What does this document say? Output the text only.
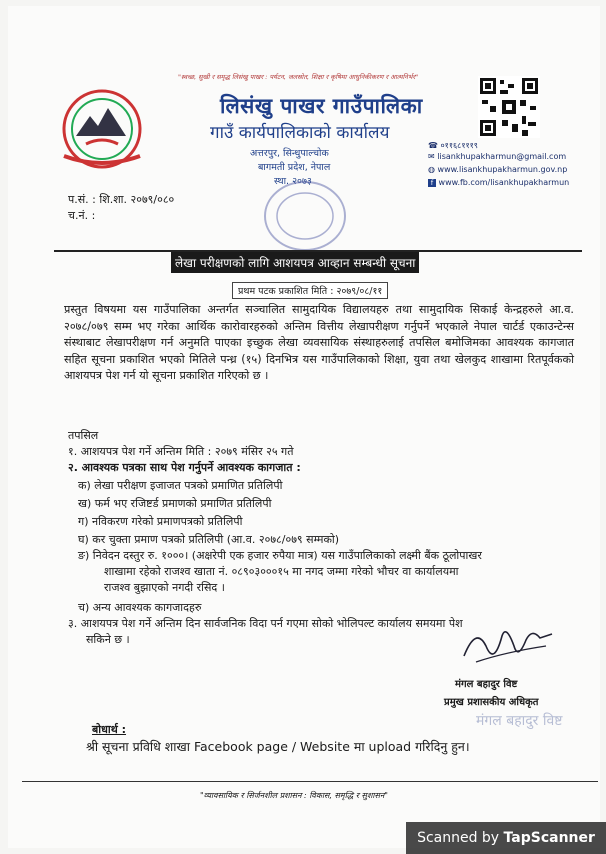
"स्वच्छ, सुखी र समृद्ध लिसंखु पाखर : पर्यटन, जलस्रोत, शिक्षा र कृषिमा आधुनिकीकरण र आत्मनिर्भर"
लिसंखु पाखर गाउँपालिका
गाउँ कार्यपालिकाको कार्यालय
अत्तरपुर, सिन्धुपाल्चोक
बागमती प्रदेश, नेपाल
स्था. २०७३
☎ ०११६८१११९
✉ lisankhupakharmun@gmail.com
◍ www.lisankhupakharmun.gov.np
f www.fb.com/lisankhupakharmun
प.सं. : शि.शा. २०७९/०८०
च.नं. :
लेखा परीक्षणको लागि आशयपत्र आव्हान सम्बन्धी सूचना
प्रथम पटक प्रकाशित मिति : २०७९/०८/११
प्रस्तुत विषयमा यस गाउँपालिका अन्तर्गत सञ्चालित सामुदायिक विद्यालयहरु तथा सामुदायिक सिकाई केन्द्रहरुले आ.व. २०७८/०७९ सम्म भए गरेका आर्थिक कारोवारहरुको अन्तिम वित्तीय लेखापरीक्षण गर्नुपर्ने भएकाले नेपाल चार्टर्ड एकाउन्टेन्स संस्थाबाट लेखापरीक्षण गर्न अनुमति पाएका इच्छुक लेखा व्यवसायिक संस्थाहरुलाई तपसिल बमोजिमका आवश्यक कागजात सहित सूचना प्रकाशित भएको मितिले पन्ध्र (१५) दिनभित्र यस गाउँपालिकाको शिक्षा, युवा तथा खेलकुद शाखामा रितपूर्वकको आशयपत्र पेश गर्न यो सूचना प्रकाशित गरिएको छ ।
तपसिल
१. आशयपत्र पेश गर्ने अन्तिम मिति : २०७९ मंसिर २५ गते
२. आवश्यक पत्रका साथ पेश गर्नुपर्ने आवश्यक कागजात :
क) लेखा परीक्षण इजाजत पत्रको प्रमाणित प्रतिलिपी
ख) फर्म भए रजिष्टर्ड प्रमाणको प्रमाणित प्रतिलिपी
ग) नविकरण गरेको प्रमाणपत्रको प्रतिलिपी
घ) कर चुक्ता प्रमाण पत्रको प्रतिलिपी (आ.व. २०७८/०७९ सम्मको)
ङ) निवेदन दस्तुर रु. १०००। (अक्षरेपी एक हजार रुपैया मात्र) यस गाउँपालिकाको लक्ष्मी बैंक ठूलोपाखर
शाखामा रहेको राजश्व खाता नं. ०८९०३०००१५ मा नगद जम्मा गरेको भौचर वा कार्यालयमा
राजश्व बुझाएको नगदी रसिद ।
च) अन्य आवश्यक कागजादहरु
३. आशयपत्र पेश गर्ने अन्तिम दिन सार्वजनिक विदा पर्न गएमा सोको भोलिपल्ट कार्यालय समयमा पेश
सकिने छ ।
मंगल बहादुर विष्ट
प्रमुख प्रशासकीय अधिकृत
मंगल बहादुर विष्ट
बोधार्थ :
श्री सूचना प्रविधि शाखा Facebook page / Website मा upload गरिदिनु हुन।
"व्यावसायिक र सिर्जनशील प्रशासन : विकास, समृद्धि र सुशासन"
Scanned by TapScanner
